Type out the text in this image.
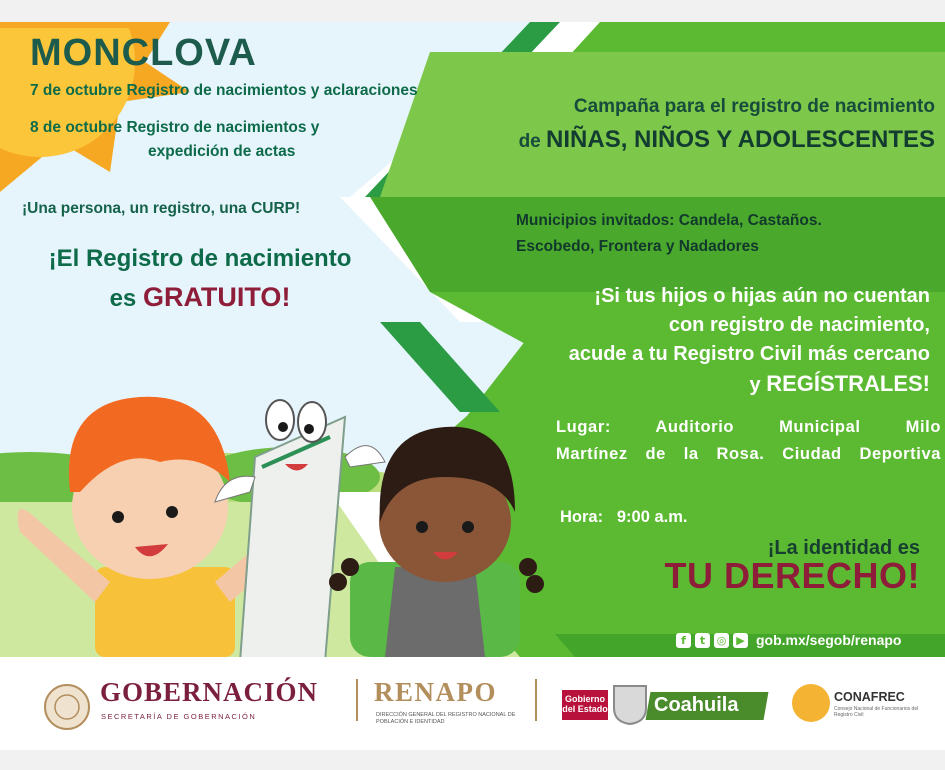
MONCLOVA
7 de octubre Registro de nacimientos y aclaraciones
8 de octubre Registro de nacimientos y
expedición de actas
¡Una persona, un registro, una CURP!
¡El Registro de nacimiento
es GRATUITO!
Campaña para el registro de nacimiento
de NIÑAS, NIÑOS Y ADOLESCENTES
Municipios invitados: Candela, Castaños.
Escobedo, Frontera y Nadadores
¡Si tus hijos o hijas aún no cuentan
con registro de nacimiento,
acude a tu Registro Civil más cercano
y REGÍSTRALES!
Lugar: Auditorio Municipal Milo
Martínez de la Rosa. Ciudad Deportiva
Hora: 9:00 a.m.
¡La identidad es
TU DERECHO!
f	t	◎ ▶ gob.mx/segob/renapo
GOBERNACIÓN
SECRETARÍA DE GOBERNACIÓN
RENAPO
DIRECCIÓN GENERAL DEL REGISTRO NACIONAL DE POBLACIÓN E IDENTIDAD
Gobierno del Estado Coahuila	CONAFREC
Consejo Nacional de Funcionarios del Registro Civil
